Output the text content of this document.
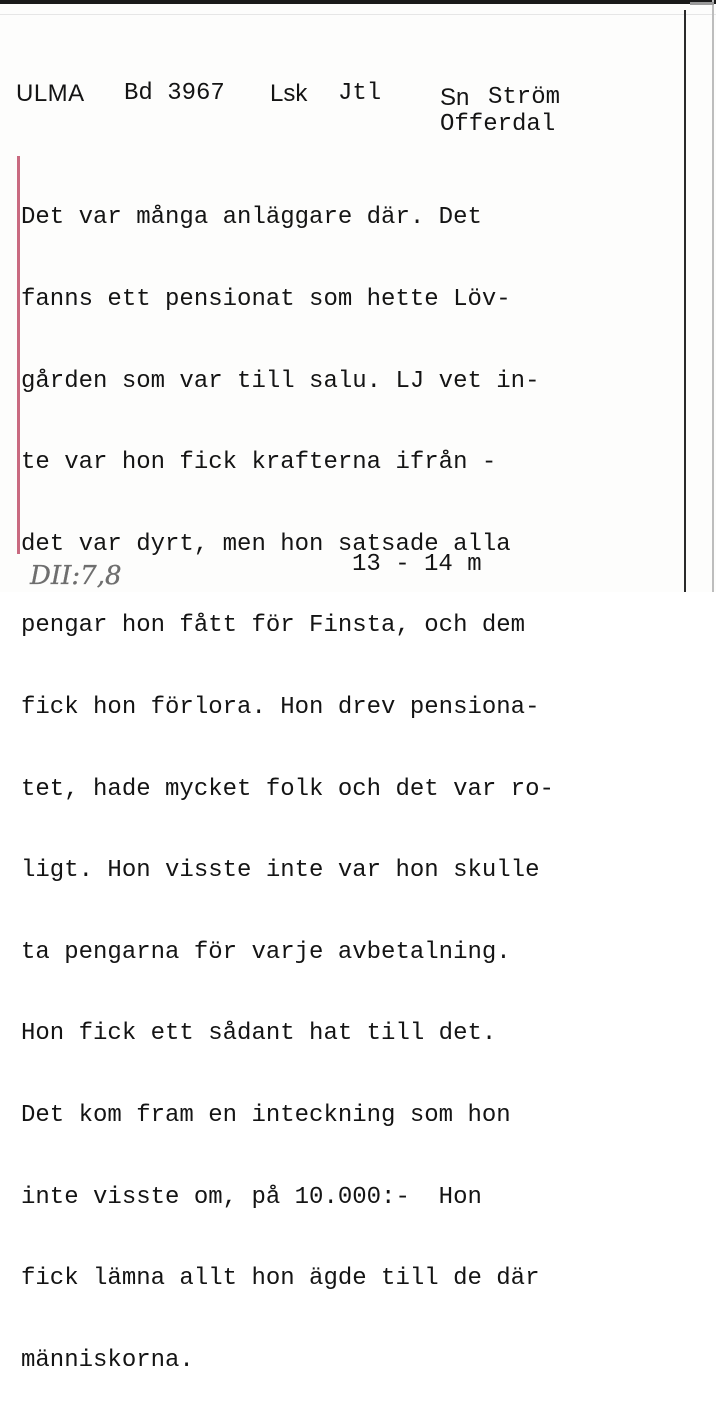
ULMA Bd 3967 Lsk Jtl Sn Ström
Offerdal

Det var många anläggare där. Det

fanns ett pensionat som hette Löv-

gården som var till salu. LJ vet in-

te var hon fick krafterna ifrån -

det var dyrt, men hon satsade alla

pengar hon fått för Finsta, och dem

fick hon förlora. Hon drev pensiona-

tet, hade mycket folk och det var ro-

ligt. Hon visste inte var hon skulle

ta pengarna för varje avbetalning.

Hon fick ett sådant hat till det.

Det kom fram en inteckning som hon

inte visste om, på 10.000:-  Hon

fick lämna allt hon ägde till de där

människorna.

13 - 14 m
DII:7,8
